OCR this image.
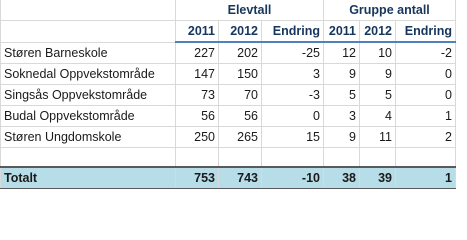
	Elevtall			Gruppe antall		
	2011	2012	Endring	2011	2012	Endring
Støren Barneskole	227	202	-25	12	10	-2
Soknedal Oppvekstområde	147	150	3	9	9	0
Singsås Oppvekstområde	73	70	-3	5	5	0
Budal Oppvekstområde	56	56	0	3	4	1
Støren Ungdomskole	250	265	15	9	11	2

Totalt	753	743	-10	38	39	1
